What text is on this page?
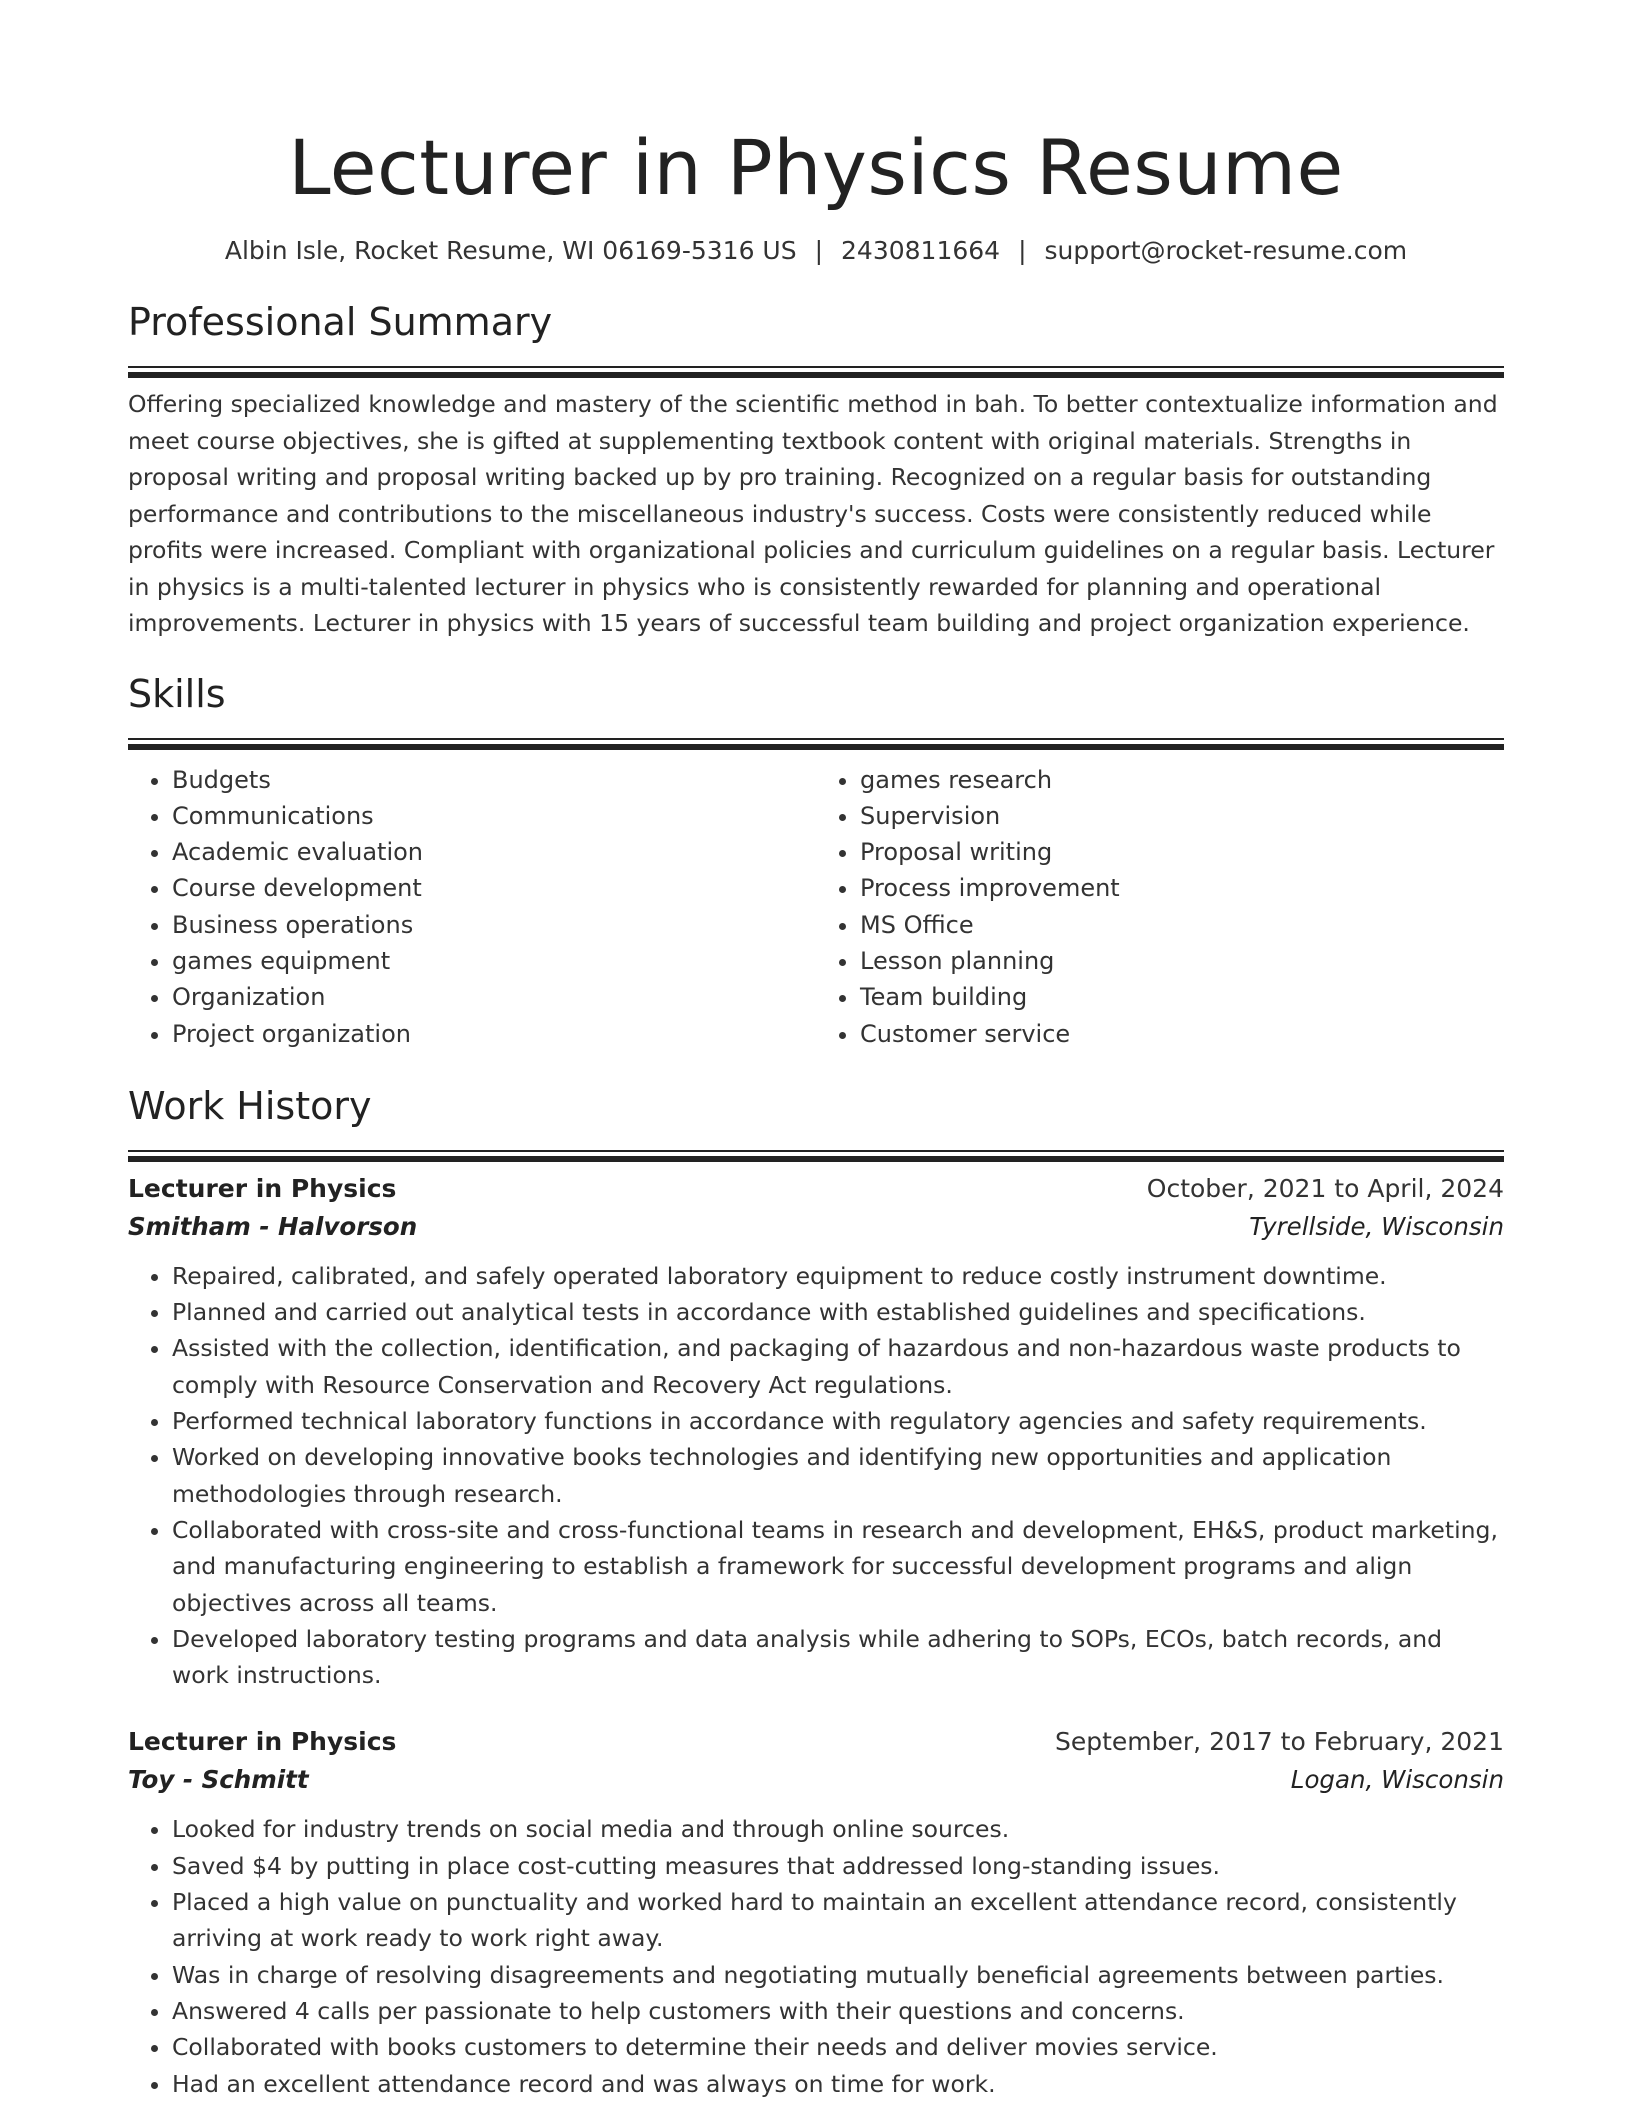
Lecturer in Physics Resume
Albin Isle, Rocket Resume, WI 06169-5316 US | 2430811664 | support@rocket-resume.com
Professional Summary

Offering specialized knowledge and mastery of the scientific method in bah. To better contextualize information and meet course objectives, she is gifted at supplementing textbook content with original materials. Strengths in proposal writing and proposal writing backed up by pro training. Recognized on a regular basis for outstanding performance and contributions to the miscellaneous industry's success. Costs were consistently reduced while profits were increased. Compliant with organizational policies and curriculum guidelines on a regular basis. Lecturer in physics is a multi-talented lecturer in physics who is consistently rewarded for planning and operational improvements. Lecturer in physics with 15 years of successful team building and project organization experience.

Skills
• Budgets
• Communications
• Academic evaluation
• Course development
• Business operations
• games equipment
• Organization
• Project organization
• games research
• Supervision
• Proposal writing
• Process improvement
• MS Office
• Lesson planning
• Team building
• Customer service
Work History
Lecturer in Physics	October, 2021 to April, 2024
Smitham - Halvorson	Tyrellside, Wisconsin
• Repaired, calibrated, and safely operated laboratory equipment to reduce costly instrument downtime.
• Planned and carried out analytical tests in accordance with established guidelines and specifications.
• Assisted with the collection, identification, and packaging of hazardous and non-hazardous waste products to comply with Resource Conservation and Recovery Act regulations.
• Performed technical laboratory functions in accordance with regulatory agencies and safety requirements.
• Worked on developing innovative books technologies and identifying new opportunities and application methodologies through research.
• Collaborated with cross-site and cross-functional teams in research and development, EH&S, product marketing, and manufacturing engineering to establish a framework for successful development programs and align objectives across all teams.
• Developed laboratory testing programs and data analysis while adhering to SOPs, ECOs, batch records, and work instructions.
Lecturer in Physics	September, 2017 to February, 2021
Toy - Schmitt	Logan, Wisconsin
• Looked for industry trends on social media and through online sources.
• Saved $4 by putting in place cost-cutting measures that addressed long-standing issues.
• Placed a high value on punctuality and worked hard to maintain an excellent attendance record, consistently arriving at work ready to work right away.
• Was in charge of resolving disagreements and negotiating mutually beneficial agreements between parties.
• Answered 4 calls per passionate to help customers with their questions and concerns.
• Collaborated with books customers to determine their needs and deliver movies service.
• Had an excellent attendance record and was always on time for work.
